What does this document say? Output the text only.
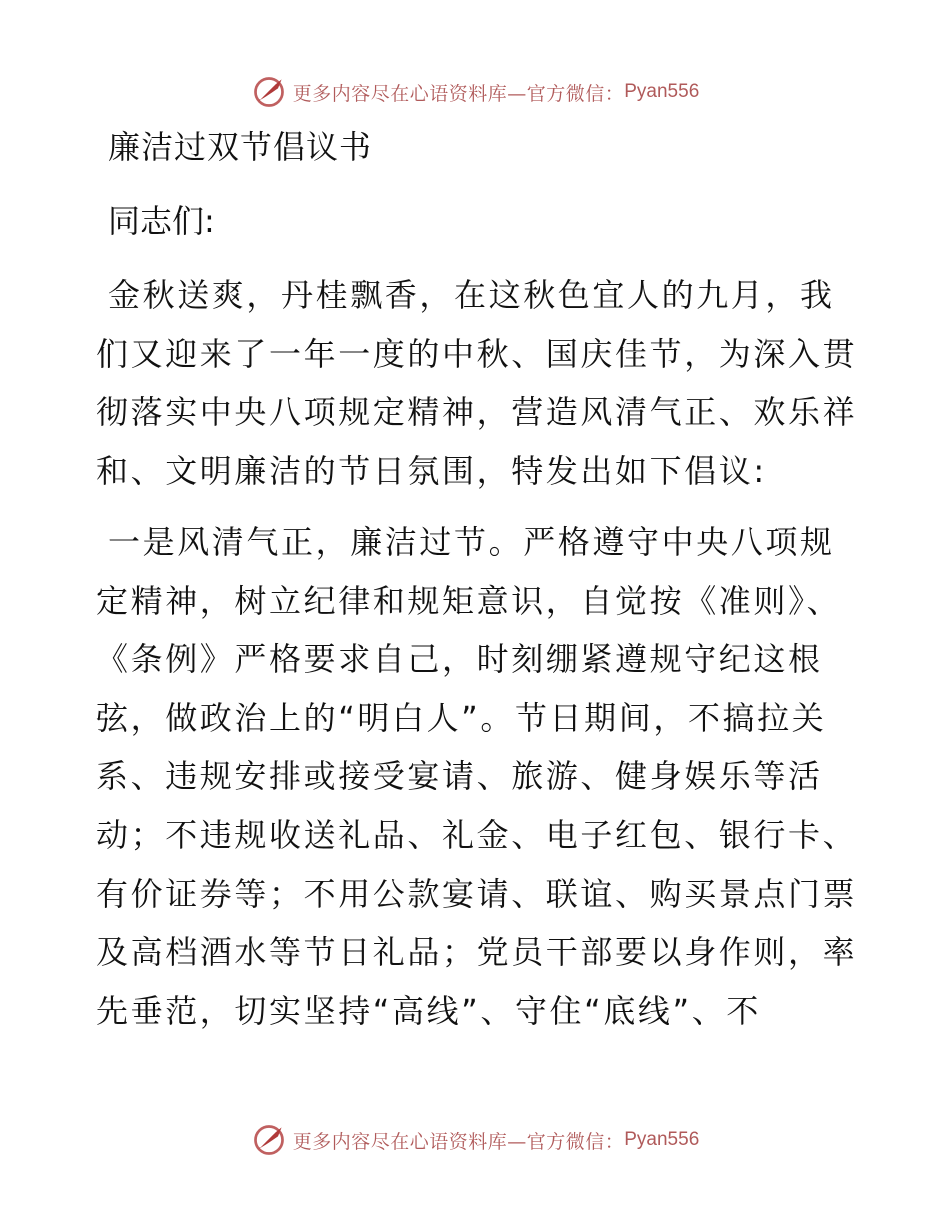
更多内容尽在心语资料库—官方微信： Pyan556
廉洁过双节倡议书
同志们:
金秋送爽，丹桂飘香，在这秋色宜人的九月，我
们又迎来了一年一度的中秋、国庆佳节，为深入贯
彻落实中央八项规定精神，营造风清气正、欢乐祥
和、文明廉洁的节日氛围，特发出如下倡议:
一是风清气正，廉洁过节。严格遵守中央八项规
定精神，树立纪律和规矩意识，自觉按《准则》、
《条例》严格要求自己，时刻绷紧遵规守纪这根
弦，做政治上的“明白人”。节日期间，不搞拉关
系、违规安排或接受宴请、旅游、健身娱乐等活
动；不违规收送礼品、礼金、电子红包、银行卡、
有价证券等；不用公款宴请、联谊、购买景点门票
及高档酒水等节日礼品；党员干部要以身作则，率
先垂范，切实坚持“高线”、守住“底线”、不
更多内容尽在心语资料库—官方微信： Pyan556
